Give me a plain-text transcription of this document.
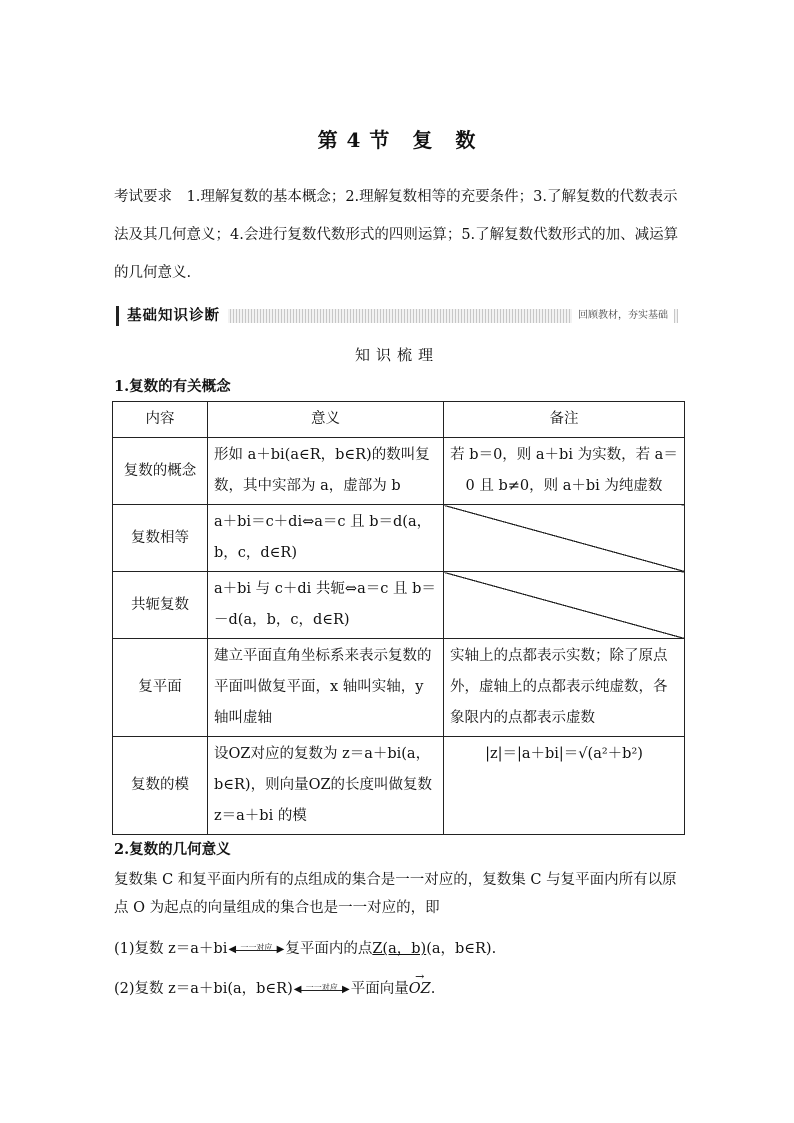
第 4 节 复 数
考试要求　1.理解复数的基本概念；2.理解复数相等的充要条件；3.了解复数的代数表示法及其几何意义；4.会进行复数代数形式的四则运算；5.了解复数代数形式的加、减运算的几何意义.
基础知识诊断	回顾教材，夯实基础
知识梳理
1.复数的有关概念
内容	意义	备注
复数的概念	形如 a＋bi(a∈R，b∈R)的数叫复数，其中实部为 a，虚部为 b	若 b＝0，则 a＋bi 为实数，若 a＝0 且 b≠0，则 a＋bi 为纯虚数
复数相等	a＋bi＝c＋di⇔a＝c 且 b＝d(a，b，c，d∈R)	
共轭复数	a＋bi 与 c＋di 共轭⇔a＝c 且 b＝－d(a，b，c，d∈R)	
复平面	建立平面直角坐标系来表示复数的平面叫做复平面，x 轴叫实轴，y 轴叫虚轴	实轴上的点都表示实数；除了原点外，虚轴上的点都表示纯虚数，各象限内的点都表示虚数
复数的模	设OZ对应的复数为 z＝a＋bi(a，b∈R)，则向量OZ的长度叫做复数 z＝a＋bi 的模	|z|＝|a＋bi|＝√(a²＋b²)
2.复数的几何意义
复数集 C 和复平面内所有的点组成的集合是一一对应的，复数集 C 与复平面内所有以原点 O 为起点的向量组成的集合也是一一对应的，即
(1)复数 z＝a＋bi	一一对应
◀	▶ 复平面内的点Z(a，b)(a，b∈R).
(2)复数 z＝a＋bi(a，b∈R)	一一对应
◀	▶ 平面向量→ OZ.
